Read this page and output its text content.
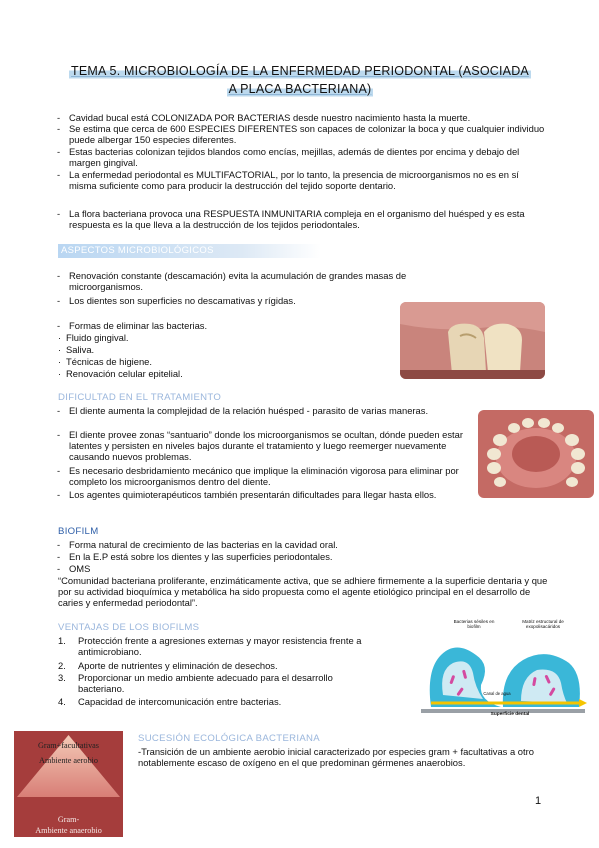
TEMA 5. MICROBIOLOGÍA DE LA ENFERMEDAD PERIODONTAL (ASOCIADA
A PLACA BACTERIANA)
- Cavidad bucal está COLONIZADA POR BACTERIAS desde nuestro nacimiento hasta la muerte.
- Se estima que cerca de 600 ESPECIES DIFERENTES son capaces de colonizar la boca y que cualquier individuo puede albergar 150 especies diferentes.
- Estas bacterias colonizan tejidos blandos como encías, mejillas, además de dientes por encima y debajo del margen gingival.
- La enfermedad periodontal es MULTIFACTORIAL, por lo tanto, la presencia de microorganismos no es en sí misma suficiente como para producir la destrucción del tejido soporte dentario.
- La flora bacteriana provoca una RESPUESTA INMUNITARIA compleja en el organismo del huésped y es esta respuesta es la que lleva a la destrucción de los tejidos periodontales.
ASPECTOS MICROBIOLÓGICOS
- Renovación constante (descamación) evita la acumulación de grandes masas de microorganismos.
- Los dientes son superficies no descamativas y rígidas.
- Formas de eliminar las bacterias.
· Fluido gingival.
· Saliva.
· Técnicas de higiene.
· Renovación celular epitelial.
DIFICULTAD EN EL TRATAMIENTO
- El diente aumenta la complejidad de la relación huésped - parasito de varias maneras.
- El diente provee zonas “santuario” donde los microorganismos se ocultan, dónde pueden estar latentes y persisten en niveles bajos durante el tratamiento y luego reemerger nuevamente causando nuevos problemas.
- Es necesario desbridamiento mecánico que implique la eliminación vigorosa para eliminar por completo los microorganismos dentro del diente.
- Los agentes quimioterapéuticos también presentarán dificultades para llegar hasta ellos.
BIOFILM
- Forma natural de crecimiento de las bacterias en la cavidad oral.
- En la E.P está sobre los dientes y las superficies periodontales.
- OMS
“Comunidad bacteriana proliferante, enzimáticamente activa, que se adhiere firmemente a la superficie dentaria y que por su actividad bioquímica y metabólica ha sido propuesta como el agente etiológico principal en el desarrollo de caries y enfermedad periodontal”.
VENTAJAS DE LOS BIOFILMS
1. Protección frente a agresiones externas y mayor resistencia frente a antimicrobiano.
2. Aporte de nutrientes y eliminación de desechos.
3. Proporcionar un medio ambiente adecuado para el desarrollo bacteriano.
4. Capacidad de intercomunicación entre bacterias.
Bacterias sésiles en biofilm
Matriz estructural de exopolisacáridos
Canal de agua
Superficie dental
Gram+facultativas
Ambiente aerobio
Gram-
Ambiente anaerobio
SUCESIÓN ECOLÓGICA BACTERIANA
-Transición de un ambiente aerobio inicial caracterizado por especies gram + facultativas a otro notablemente escaso de oxígeno en el que predominan gérmenes anaerobios.
1
